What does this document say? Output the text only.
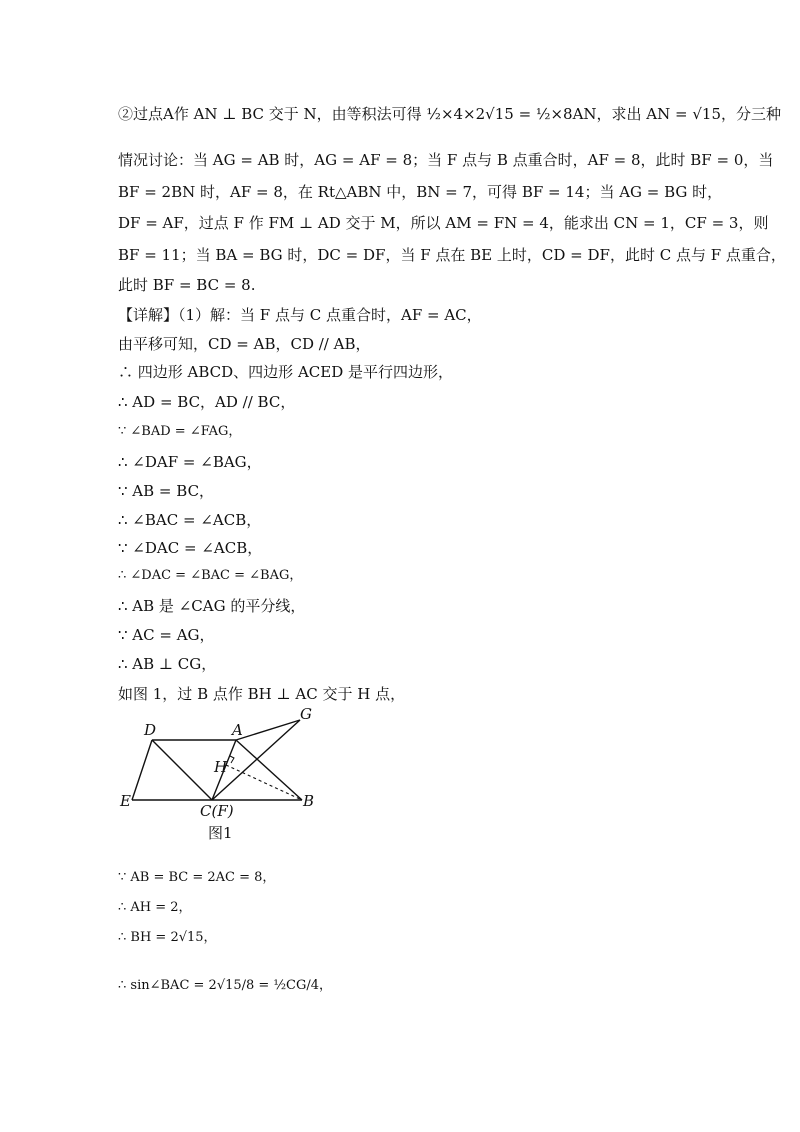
②过点A作 AN ⊥ BC 交于 N，由等积法可得 ½×4×2√15 = ½×8AN，求出 AN = √15，分三种
情况讨论：当 AG = AB 时，AG = AF = 8；当 F 点与 B 点重合时，AF = 8，此时 BF = 0，当
BF = 2BN 时，AF = 8，在 Rt△ABN 中，BN = 7，可得 BF = 14；当 AG = BG 时，
DF = AF，过点 F 作 FM ⊥ AD 交于 M，所以 AM = FN = 4，能求出 CN = 1，CF = 3，则
BF = 11；当 BA = BG 时，DC = DF，当 F 点在 BE 上时，CD = DF，此时 C 点与 F 点重合，
此时 BF = BC = 8.
【详解】（1）解：当 F 点与 C 点重合时，AF = AC，
由平移可知，CD = AB，CD // AB，
∴ 四边形 ABCD、四边形 ACED 是平行四边形，
∴ AD = BC，AD // BC，
∵ ∠BAD = ∠FAG，
∴ ∠DAF = ∠BAG，
∵ AB = BC，
∴ ∠BAC = ∠ACB，
∵ ∠DAC = ∠ACB，
∴ ∠DAC = ∠BAC = ∠BAG，
∴ AB 是 ∠CAG 的平分线，
∵ AC = AG，
∴ AB ⊥ CG，
如图 1，过 B 点作 BH ⊥ AC 交于 H 点，
D	A
G
H
E
C(F)
B
图1
∵ AB = BC = 2AC = 8，
∴ AH = 2，
∴ BH = 2√15，
∴ sin∠BAC = 2√15/8 = ½CG/4，
